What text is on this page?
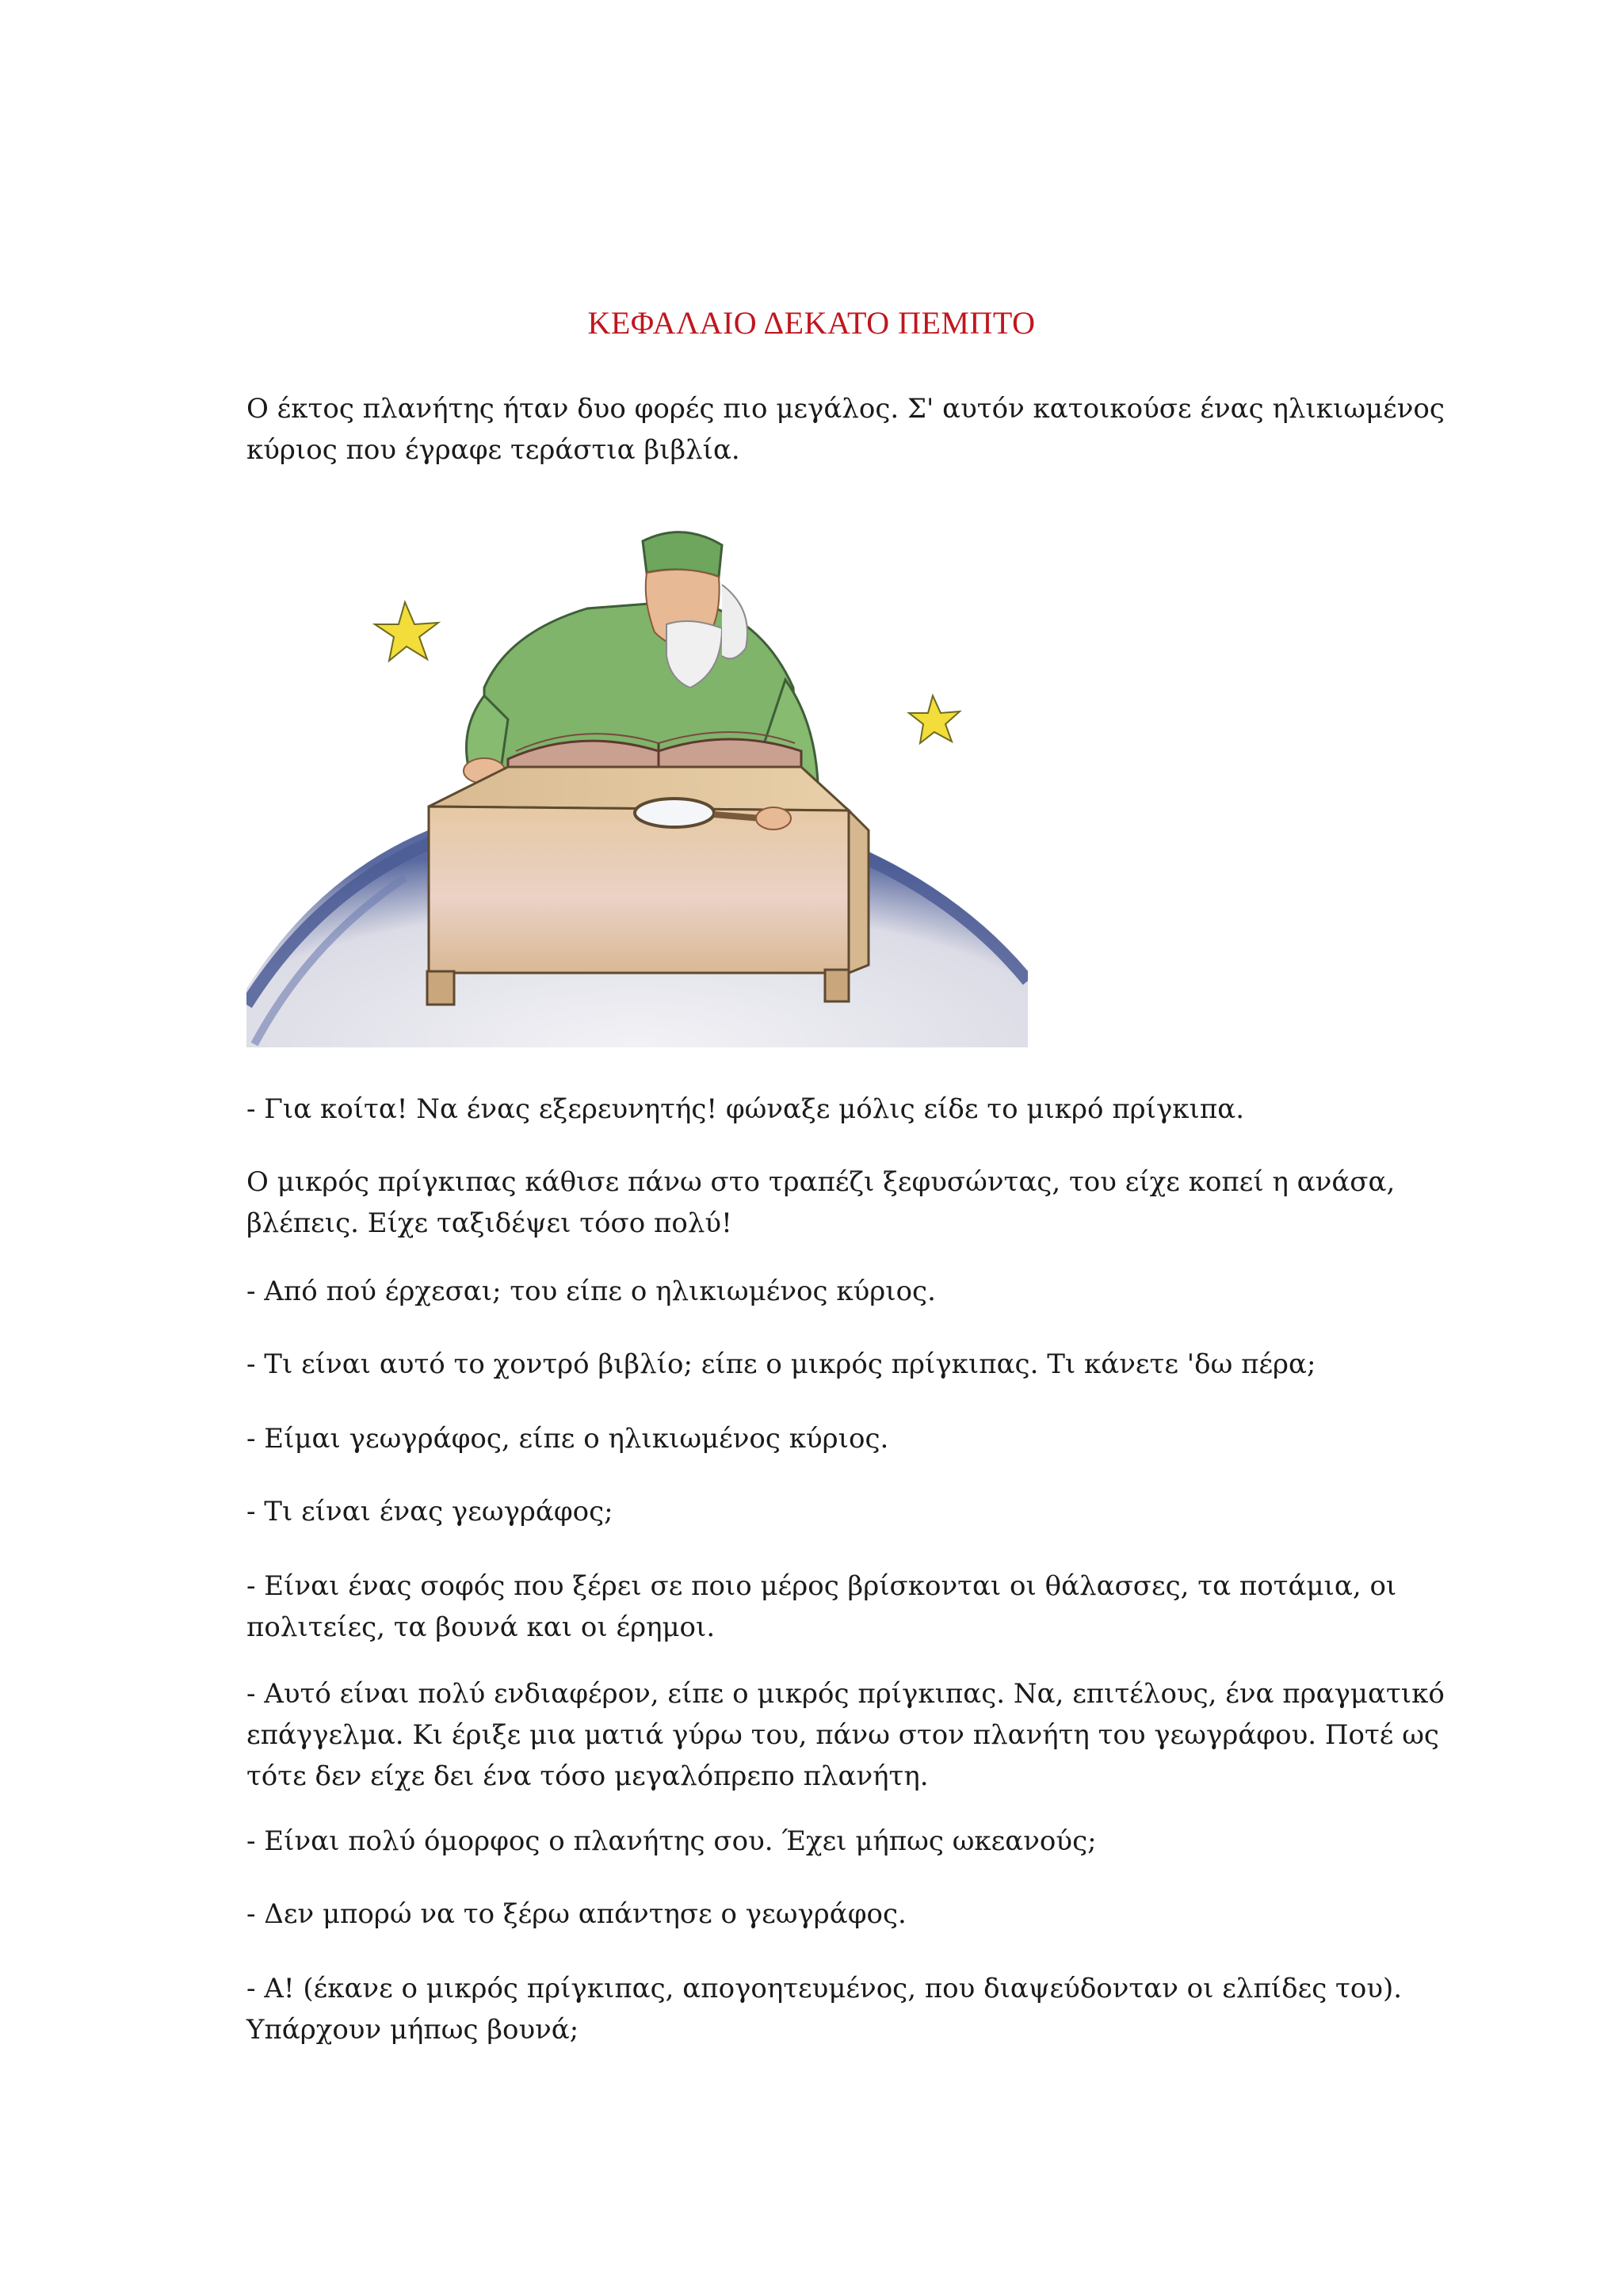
ΚΕΦΑΛΑΙΟ ΔΕΚΑΤΟ ΠΕΜΠΤΟ

Ο έκτος πλανήτης ήταν δυο φορές πιο μεγάλος. Σ' αυτόν κατοικούσε ένας ηλικιωμένος
κύριος που έγραφε τεράστια βιβλία.

- Για κοίτα! Να ένας εξερευνητής! φώναξε μόλις είδε το μικρό πρίγκιπα.

Ο μικρός πρίγκιπας κάθισε πάνω στο τραπέζι ξεφυσώντας, του είχε κοπεί η ανάσα,
βλέπεις. Είχε ταξιδέψει τόσο πολύ!

- Από πού έρχεσαι; του είπε ο ηλικιωμένος κύριος.

- Τι είναι αυτό το χοντρό βιβλίο; είπε ο μικρός πρίγκιπας. Τι κάνετε 'δω πέρα;

- Είμαι γεωγράφος, είπε ο ηλικιωμένος κύριος.

- Τι είναι ένας γεωγράφος;

- Είναι ένας σοφός που ξέρει σε ποιο μέρος βρίσκονται οι θάλασσες, τα ποτάμια, οι
πολιτείες, τα βουνά και οι έρημοι.

- Αυτό είναι πολύ ενδιαφέρον, είπε ο μικρός πρίγκιπας. Να, επιτέλους, ένα πραγματικό
επάγγελμα. Κι έριξε μια ματιά γύρω του, πάνω στον πλανήτη του γεωγράφου. Ποτέ ως
τότε δεν είχε δει ένα τόσο μεγαλόπρεπο πλανήτη.

- Είναι πολύ όμορφος ο πλανήτης σου. Έχει μήπως ωκεανούς;

- Δεν μπορώ να το ξέρω απάντησε ο γεωγράφος.

- Α! (έκανε ο μικρός πρίγκιπας, απογοητευμένος, που διαψεύδονταν οι ελπίδες του).
Υπάρχουν μήπως βουνά;
